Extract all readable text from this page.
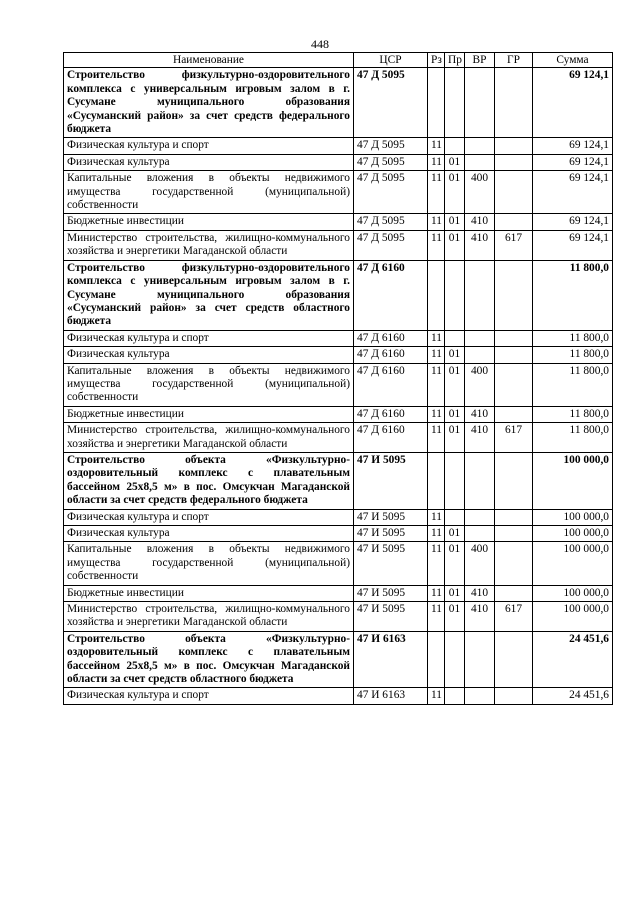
448
Наименование	ЦСР	Рз	Пр	ВР	ГР	Сумма
Строительство физкультурно-оздоровительного комплекса с универсальным игровым залом в г. Сусумане муниципального образования «Сусуманский район» за счет средств федерального бюджета	47 Д 5095					69 124,1
Физическая культура и спорт	47 Д 5095	11				69 124,1
Физическая культура	47 Д 5095	11	01			69 124,1
Капитальные вложения в объекты недвижимого имущества государственной (муниципальной) собственности	47 Д 5095	11	01	400		69 124,1
Бюджетные инвестиции	47 Д 5095	11	01	410		69 124,1
Министерство строительства, жилищно-коммунального хозяйства и энергетики Магаданской области	47 Д 5095	11	01	410	617	69 124,1
Строительство физкультурно-оздоровительного комплекса с универсальным игровым залом в г. Сусумане муниципального образования «Сусуманский район» за счет средств областного бюджета	47 Д 6160					11 800,0
Физическая культура и спорт	47 Д 6160	11				11 800,0
Физическая культура	47 Д 6160	11	01			11 800,0
Капитальные вложения в объекты недвижимого имущества государственной (муниципальной) собственности	47 Д 6160	11	01	400		11 800,0
Бюджетные инвестиции	47 Д 6160	11	01	410		11 800,0
Министерство строительства, жилищно-коммунального хозяйства и энергетики Магаданской области	47 Д 6160	11	01	410	617	11 800,0
Строительство объекта «Физкультурно-оздоровительный комплекс с плавательным бассейном 25х8,5 м» в пос. Омсукчан Магаданской области за счет средств федерального бюджета	47 И 5095					100 000,0
Физическая культура и спорт	47 И 5095	11				100 000,0
Физическая культура	47 И 5095	11	01			100 000,0
Капитальные вложения в объекты недвижимого имущества государственной (муниципальной) собственности	47 И 5095	11	01	400		100 000,0
Бюджетные инвестиции	47 И 5095	11	01	410		100 000,0
Министерство строительства, жилищно-коммунального хозяйства и энергетики Магаданской области	47 И 5095	11	01	410	617	100 000,0
Строительство объекта «Физкультурно-оздоровительный комплекс с плавательным бассейном 25х8,5 м» в пос. Омсукчан Магаданской области за счет средств областного бюджета	47 И 6163					24 451,6
Физическая культура и спорт	47 И 6163	11				24 451,6
